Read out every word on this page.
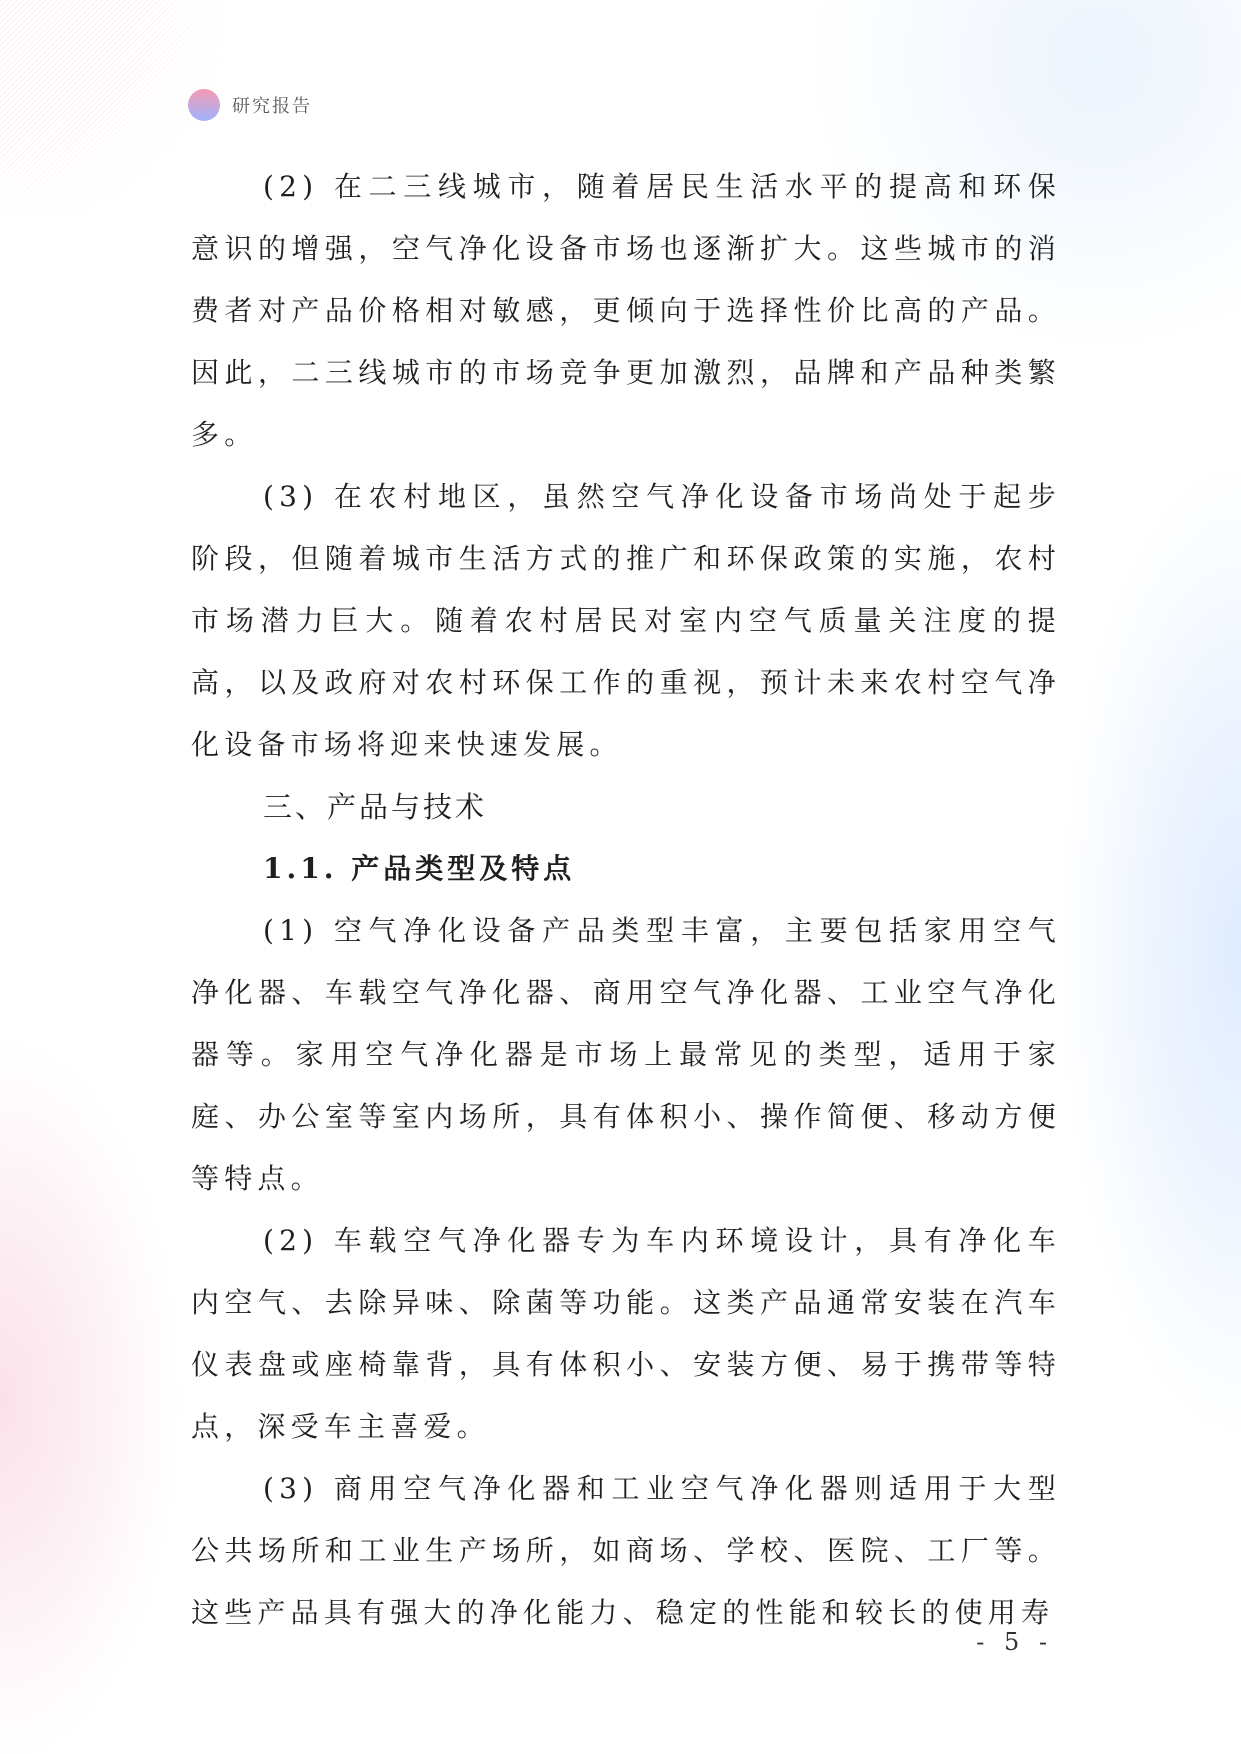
研究报告

(2) 在二三线城市，随着居民生活水平的提高和环保意识的增强，空气净化设备市场也逐渐扩大。这些城市的消费者对产品价格相对敏感，更倾向于选择性价比高的产品。因此，二三线城市的市场竞争更加激烈，品牌和产品种类繁多。

(3) 在农村地区，虽然空气净化设备市场尚处于起步阶段，但随着城市生活方式的推广和环保政策的实施，农村市场潜力巨大。随着农村居民对室内空气质量关注度的提高，以及政府对农村环保工作的重视，预计未来农村空气净化设备市场将迎来快速发展。

三、产品与技术
1.1. 产品类型及特点

(1) 空气净化设备产品类型丰富，主要包括家用空气净化器、车载空气净化器、商用空气净化器、工业空气净化器等。家用空气净化器是市场上最常见的类型，适用于家庭、办公室等室内场所，具有体积小、操作简便、移动方便等特点。

(2) 车载空气净化器专为车内环境设计，具有净化车内空气、去除异味、除菌等功能。这类产品通常安装在汽车仪表盘或座椅靠背，具有体积小、安装方便、易于携带等特点，深受车主喜爱。

(3) 商用空气净化器和工业空气净化器则适用于大型公共场所和工业生产场所，如商场、学校、医院、工厂等。这些产品具有强大的净化能力、稳定的性能和较长的使用寿

- 5 -
